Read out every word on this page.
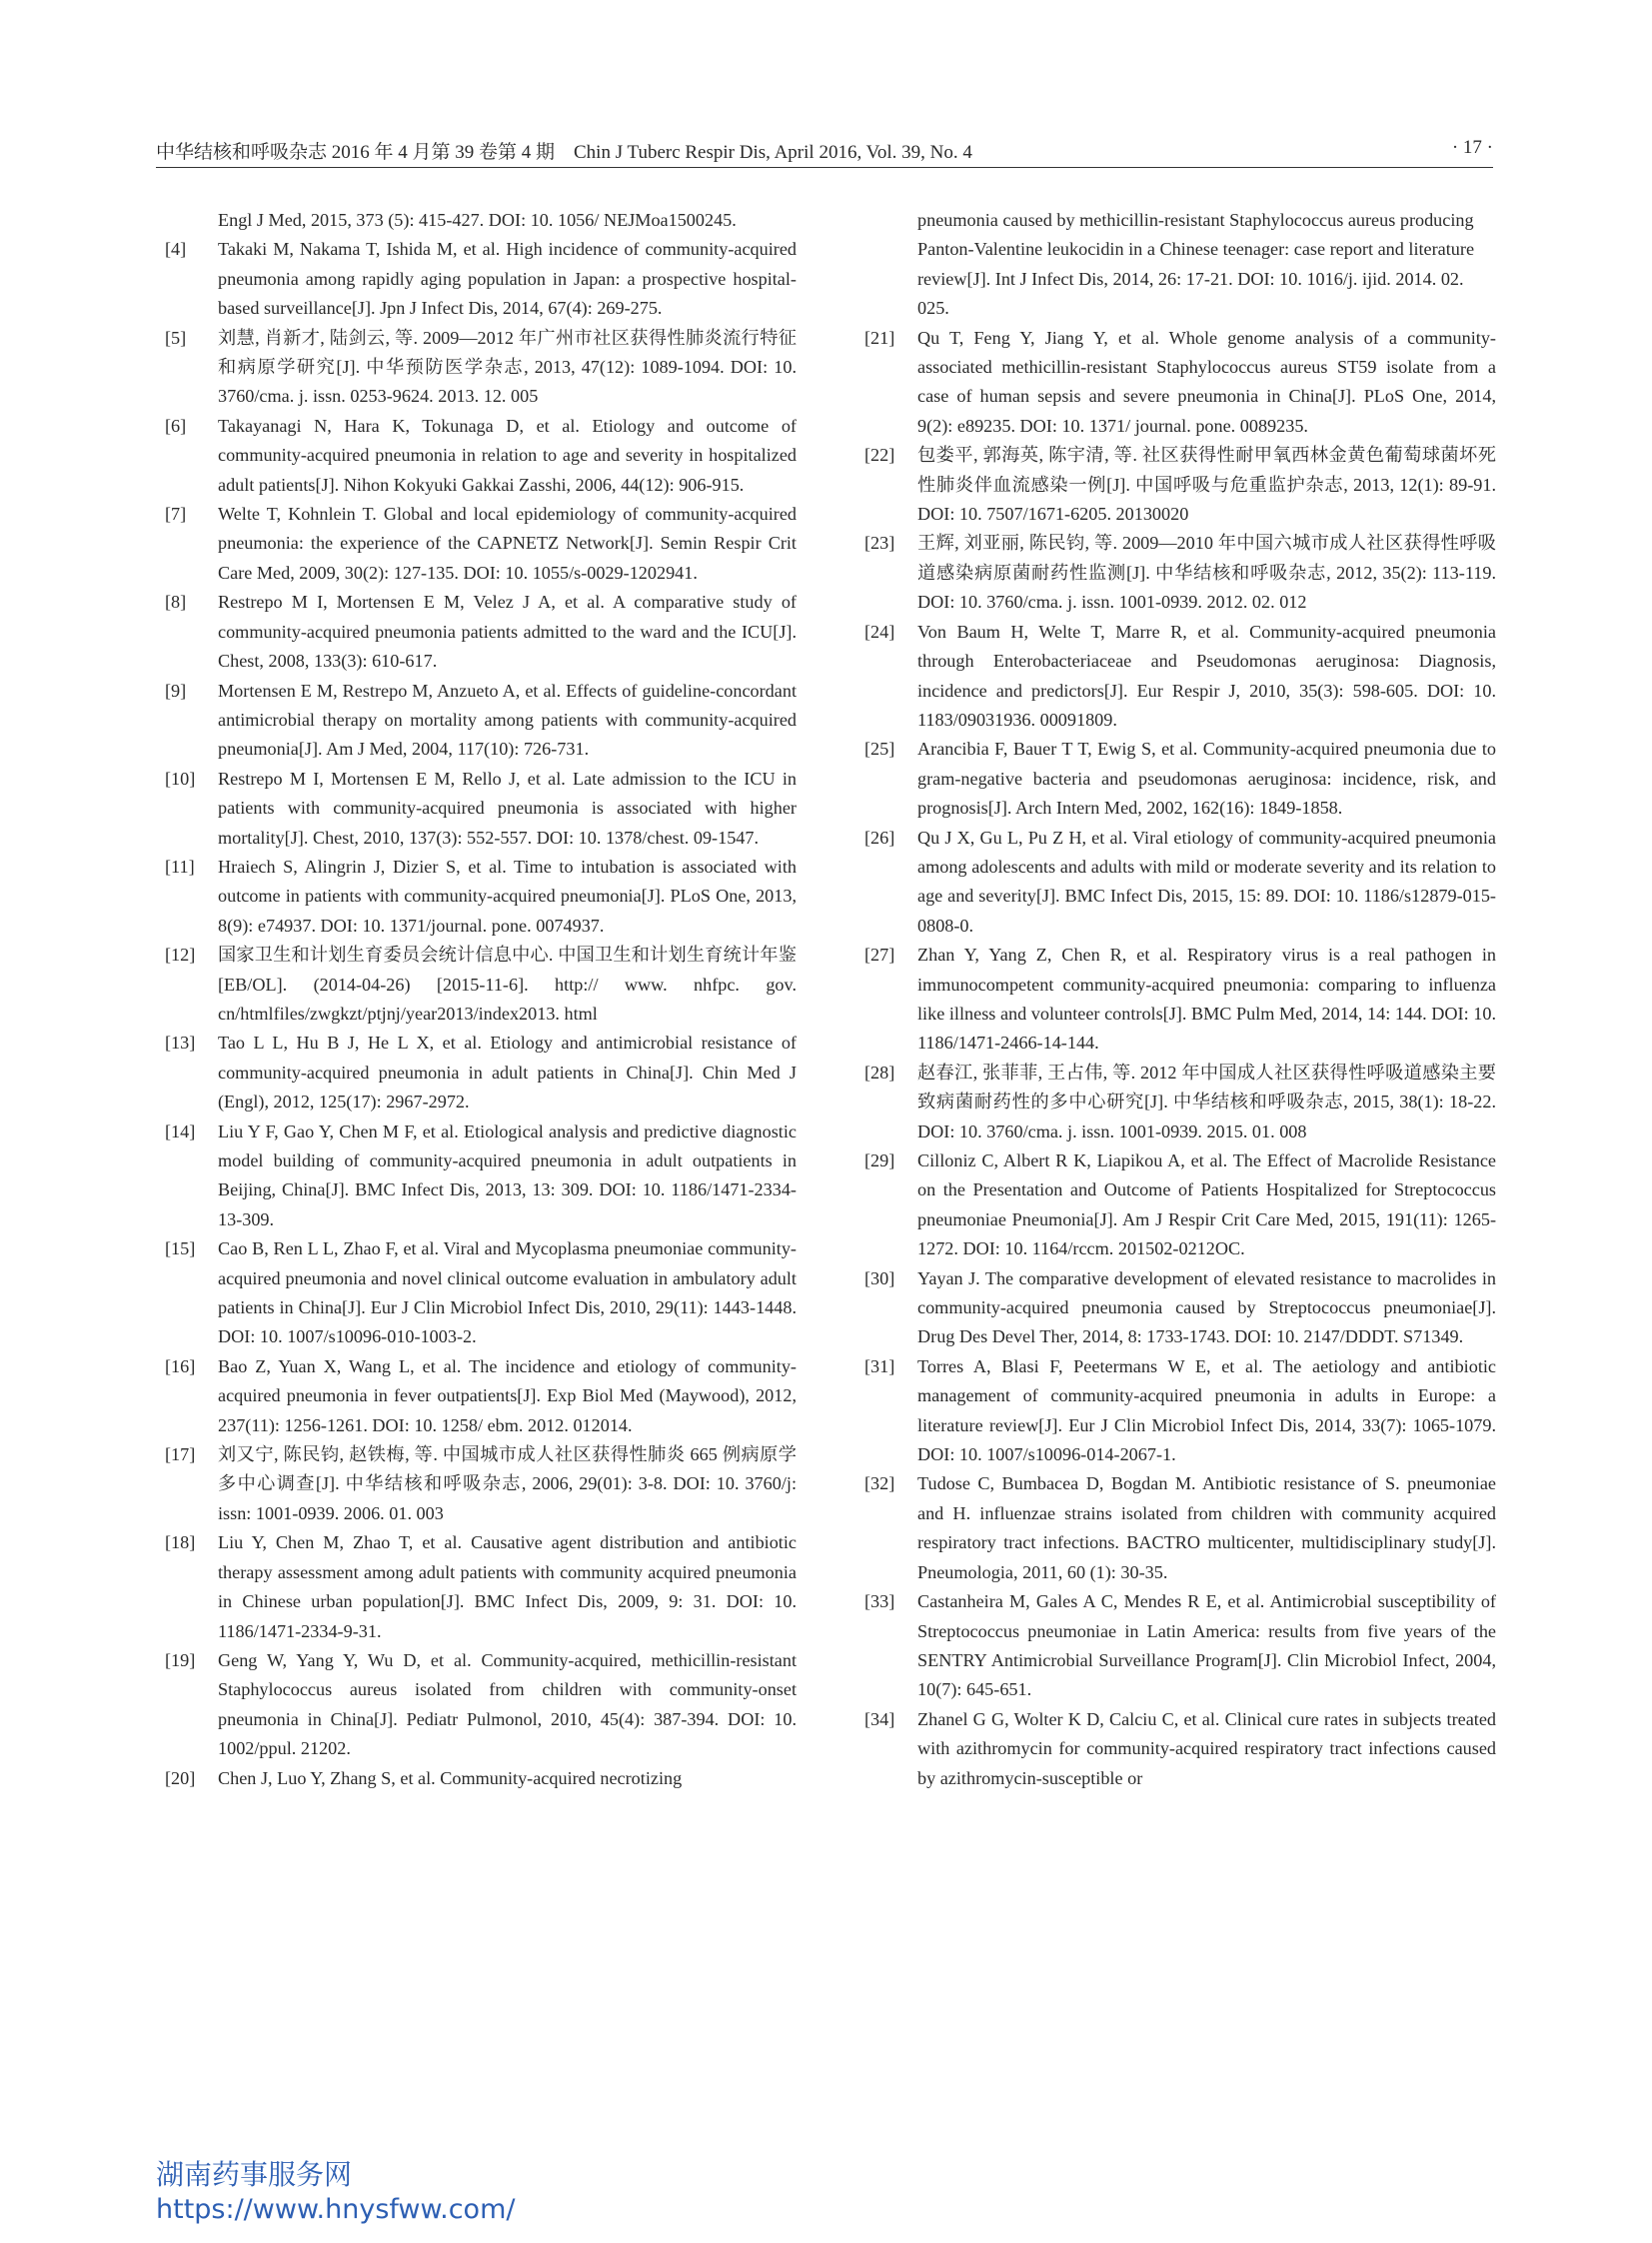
中华结核和呼吸杂志 2016 年 4 月第 39 卷第 4 期　Chin J Tuberc Respir Dis, April 2016, Vol. 39, No. 4	· 17 ·
Engl J Med, 2015, 373 (5): 415-427. DOI: 10. 1056/ NEJMoa1500245.
[4] Takaki M, Nakama T, Ishida M, et al. High incidence of community-acquired pneumonia among rapidly aging population in Japan: a prospective hospital-based surveillance[J]. Jpn J Infect Dis, 2014, 67(4): 269-275.
[5] 刘慧, 肖新才, 陆剑云, 等. 2009—2012 年广州市社区获得性肺炎流行特征和病原学研究[J]. 中华预防医学杂志, 2013, 47(12): 1089-1094. DOI: 10. 3760/cma. j. issn. 0253-9624. 2013. 12. 005
[6] Takayanagi N, Hara K, Tokunaga D, et al. Etiology and outcome of community-acquired pneumonia in relation to age and severity in hospitalized adult patients[J]. Nihon Kokyuki Gakkai Zasshi, 2006, 44(12): 906-915.
[7] Welte T, Kohnlein T. Global and local epidemiology of community-acquired pneumonia: the experience of the CAPNETZ Network[J]. Semin Respir Crit Care Med, 2009, 30(2): 127-135. DOI: 10. 1055/s-0029-1202941.
[8] Restrepo M I, Mortensen E M, Velez J A, et al. A comparative study of community-acquired pneumonia patients admitted to the ward and the ICU[J]. Chest, 2008, 133(3): 610-617.
[9] Mortensen E M, Restrepo M, Anzueto A, et al. Effects of guideline-concordant antimicrobial therapy on mortality among patients with community-acquired pneumonia[J]. Am J Med, 2004, 117(10): 726-731.
[10] Restrepo M I, Mortensen E M, Rello J, et al. Late admission to the ICU in patients with community-acquired pneumonia is associated with higher mortality[J]. Chest, 2010, 137(3): 552-557. DOI: 10. 1378/chest. 09-1547.
[11] Hraiech S, Alingrin J, Dizier S, et al. Time to intubation is associated with outcome in patients with community-acquired pneumonia[J]. PLoS One, 2013, 8(9): e74937. DOI: 10. 1371/journal. pone. 0074937.
[12] 国家卫生和计划生育委员会统计信息中心. 中国卫生和计划生育统计年鉴[EB/OL]. (2014-04-26) [2015-11-6]. http:// www. nhfpc. gov. cn/htmlfiles/zwgkzt/ptjnj/year2013/index2013. html
[13] Tao L L, Hu B J, He L X, et al. Etiology and antimicrobial resistance of community-acquired pneumonia in adult patients in China[J]. Chin Med J (Engl), 2012, 125(17): 2967-2972.
[14] Liu Y F, Gao Y, Chen M F, et al. Etiological analysis and predictive diagnostic model building of community-acquired pneumonia in adult outpatients in Beijing, China[J]. BMC Infect Dis, 2013, 13: 309. DOI: 10. 1186/1471-2334-13-309.
[15] Cao B, Ren L L, Zhao F, et al. Viral and Mycoplasma pneumoniae community-acquired pneumonia and novel clinical outcome evaluation in ambulatory adult patients in China[J]. Eur J Clin Microbiol Infect Dis, 2010, 29(11): 1443-1448. DOI: 10. 1007/s10096-010-1003-2.
[16] Bao Z, Yuan X, Wang L, et al. The incidence and etiology of community-acquired pneumonia in fever outpatients[J]. Exp Biol Med (Maywood), 2012, 237(11): 1256-1261. DOI: 10. 1258/ ebm. 2012. 012014.
[17] 刘又宁, 陈民钧, 赵铁梅, 等. 中国城市成人社区获得性肺炎 665 例病原学多中心调查[J]. 中华结核和呼吸杂志, 2006, 29(01): 3-8. DOI: 10. 3760/j: issn: 1001-0939. 2006. 01. 003
[18] Liu Y, Chen M, Zhao T, et al. Causative agent distribution and antibiotic therapy assessment among adult patients with community acquired pneumonia in Chinese urban population[J]. BMC Infect Dis, 2009, 9: 31. DOI: 10. 1186/1471-2334-9-31.
[19] Geng W, Yang Y, Wu D, et al. Community-acquired, methicillin-resistant Staphylococcus aureus isolated from children with community-onset pneumonia in China[J]. Pediatr Pulmonol, 2010, 45(4): 387-394. DOI: 10. 1002/ppul. 21202.
[20] Chen J, Luo Y, Zhang S, et al. Community-acquired necrotizing
pneumonia caused by methicillin-resistant Staphylococcus aureus producing Panton-Valentine leukocidin in a Chinese teenager: case report and literature review[J]. Int J Infect Dis, 2014, 26: 17-21. DOI: 10. 1016/j. ijid. 2014. 02. 025.
[21] Qu T, Feng Y, Jiang Y, et al. Whole genome analysis of a community-associated methicillin-resistant Staphylococcus aureus ST59 isolate from a case of human sepsis and severe pneumonia in China[J]. PLoS One, 2014, 9(2): e89235. DOI: 10. 1371/ journal. pone. 0089235.
[22] 包娄平, 郭海英, 陈宇清, 等. 社区获得性耐甲氧西林金黄色葡萄球菌坏死性肺炎伴血流感染一例[J]. 中国呼吸与危重监护杂志, 2013, 12(1): 89-91. DOI: 10. 7507/1671-6205. 20130020
[23] 王辉, 刘亚丽, 陈民钧, 等. 2009—2010 年中国六城市成人社区获得性呼吸道感染病原菌耐药性监测[J]. 中华结核和呼吸杂志, 2012, 35(2): 113-119. DOI: 10. 3760/cma. j. issn. 1001-0939. 2012. 02. 012
[24] Von Baum H, Welte T, Marre R, et al. Community-acquired pneumonia through Enterobacteriaceae and Pseudomonas aeruginosa: Diagnosis, incidence and predictors[J]. Eur Respir J, 2010, 35(3): 598-605. DOI: 10. 1183/09031936. 00091809.
[25] Arancibia F, Bauer T T, Ewig S, et al. Community-acquired pneumonia due to gram-negative bacteria and pseudomonas aeruginosa: incidence, risk, and prognosis[J]. Arch Intern Med, 2002, 162(16): 1849-1858.
[26] Qu J X, Gu L, Pu Z H, et al. Viral etiology of community-acquired pneumonia among adolescents and adults with mild or moderate severity and its relation to age and severity[J]. BMC Infect Dis, 2015, 15: 89. DOI: 10. 1186/s12879-015-0808-0.
[27] Zhan Y, Yang Z, Chen R, et al. Respiratory virus is a real pathogen in immunocompetent community-acquired pneumonia: comparing to influenza like illness and volunteer controls[J]. BMC Pulm Med, 2014, 14: 144. DOI: 10. 1186/1471-2466-14-144.
[28] 赵春江, 张菲菲, 王占伟, 等. 2012 年中国成人社区获得性呼吸道感染主要致病菌耐药性的多中心研究[J]. 中华结核和呼吸杂志, 2015, 38(1): 18-22. DOI: 10. 3760/cma. j. issn. 1001-0939. 2015. 01. 008
[29] Cilloniz C, Albert R K, Liapikou A, et al. The Effect of Macrolide Resistance on the Presentation and Outcome of Patients Hospitalized for Streptococcus pneumoniae Pneumonia[J]. Am J Respir Crit Care Med, 2015, 191(11): 1265-1272. DOI: 10. 1164/rccm. 201502-0212OC.
[30] Yayan J. The comparative development of elevated resistance to macrolides in community-acquired pneumonia caused by Streptococcus pneumoniae[J]. Drug Des Devel Ther, 2014, 8: 1733-1743. DOI: 10. 2147/DDDT. S71349.
[31] Torres A, Blasi F, Peetermans W E, et al. The aetiology and antibiotic management of community-acquired pneumonia in adults in Europe: a literature review[J]. Eur J Clin Microbiol Infect Dis, 2014, 33(7): 1065-1079. DOI: 10. 1007/s10096-014-2067-1.
[32] Tudose C, Bumbacea D, Bogdan M. Antibiotic resistance of S. pneumoniae and H. influenzae strains isolated from children with community acquired respiratory tract infections. BACTRO multicenter, multidisciplinary study[J]. Pneumologia, 2011, 60 (1): 30-35.
[33] Castanheira M, Gales A C, Mendes R E, et al. Antimicrobial susceptibility of Streptococcus pneumoniae in Latin America: results from five years of the SENTRY Antimicrobial Surveillance Program[J]. Clin Microbiol Infect, 2004, 10(7): 645-651.
[34] Zhanel G G, Wolter K D, Calciu C, et al. Clinical cure rates in subjects treated with azithromycin for community-acquired respiratory tract infections caused by azithromycin-susceptible or
湖南药事服务网
https://www.hnysfww.com/
